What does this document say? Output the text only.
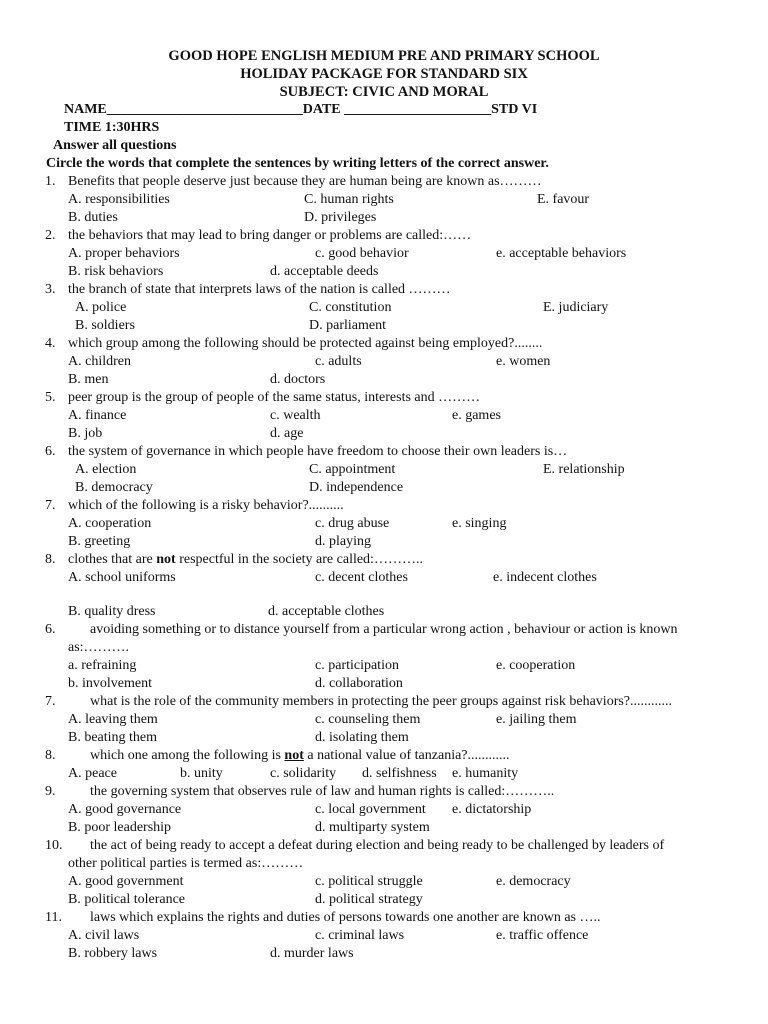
GOOD HOPE ENGLISH MEDIUM PRE AND PRIMARY SCHOOL
HOLIDAY PACKAGE FOR STANDARD SIX
SUBJECT: CIVIC AND MORAL
NAME____________________________DATE _____________________STD VI
TIME 1:30HRS
Answer all questions
Circle the words that complete the sentences by writing letters of the correct answer.
1. Benefits that people deserve just because they are human being are known as………
A. responsibilities	C. human rights	E. favour
B. duties	D. privileges
2. the behaviors that may lead to bring danger or problems are called:……
A. proper behaviors	c. good behavior	e. acceptable behaviors
B. risk behaviors	d. acceptable deeds
3. the branch of state that interprets laws of the nation is called ………
A. police	C. constitution	E. judiciary
B. soldiers	D. parliament
4. which group among the following should be protected against being employed?........
A. children	c. adults	e. women
B. men	d. doctors
5. peer group is the group of people of the same status, interests and ………
A. finance	c. wealth	e. games
B. job	d. age
6. the system of governance in which people have freedom to choose their own leaders is…
A. election	C. appointment	E. relationship
B. democracy	D. independence
7. which of the following is a risky behavior?..........
A. cooperation	c. drug abuse	e. singing
B. greeting	d. playing
8. clothes that are not respectful in the society are called:………..
A. school uniforms	c. decent clothes	e. indecent clothes
B. quality dress	d. acceptable clothes
6. avoiding something or to distance yourself from a particular wrong action , behaviour or action is known
as:……….
a. refraining	c. participation	e. cooperation
b. involvement	d. collaboration
7. what is the role of the community members in protecting the peer groups against risk behaviors?............
A. leaving them	c. counseling them	e. jailing them
B. beating them	d. isolating them
8. which one among the following is not a national value of tanzania?............
A. peace	b. unity	c. solidarity d. selfishness e. humanity
9. the governing system that observes rule of law and human rights is called:………..
A. good governance	c. local government e. dictatorship
B. poor leadership	d. multiparty system
10. the act of being ready to accept a defeat during election and being ready to be challenged by leaders of
other political parties is termed as:………
A. good government	c. political struggle	e. democracy
B. political tolerance	d. political strategy
11. laws which explains the rights and duties of persons towards one another are known as …..
A. civil laws	c. criminal laws	e. traffic offence
B. robbery laws	d. murder laws
